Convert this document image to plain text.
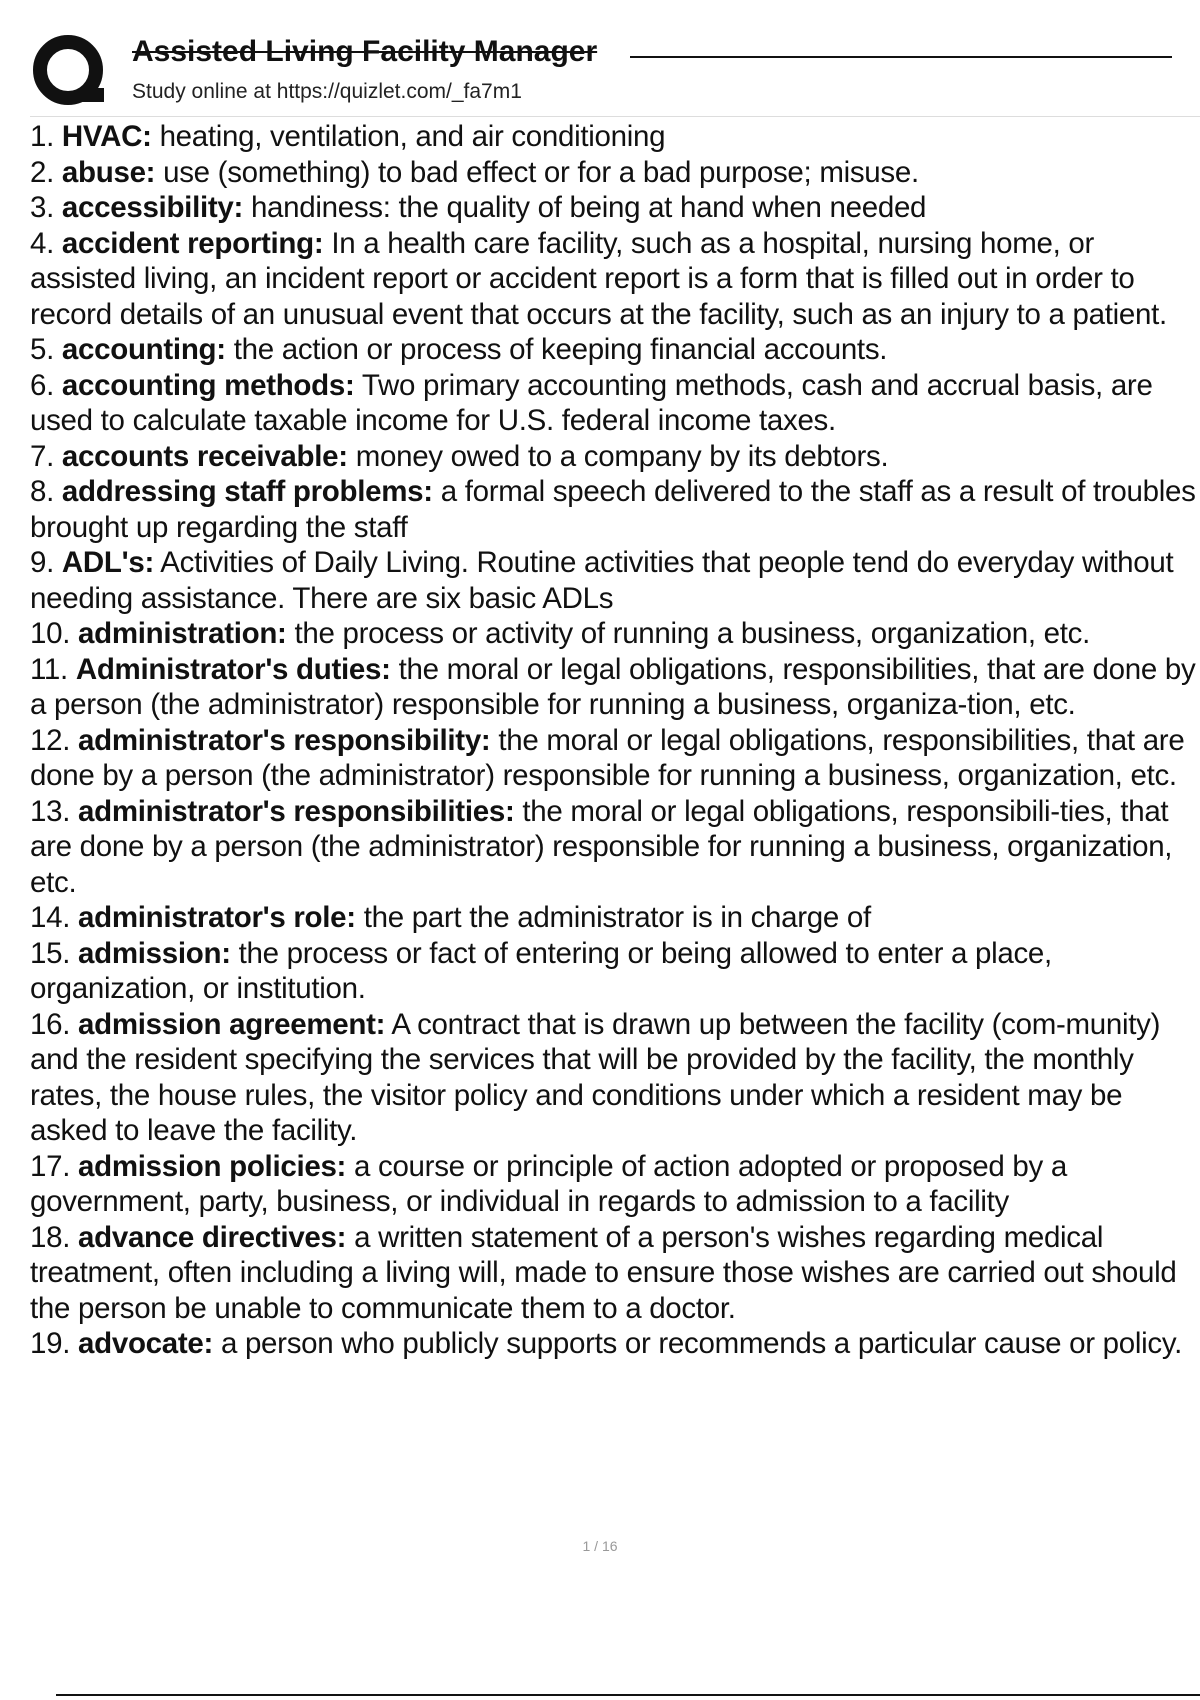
Assisted Living Facility Manager
Study online at https://quizlet.com/_fa7m1
1. HVAC: heating, ventilation, and air conditioning
2. abuse: use (something) to bad effect or for a bad purpose; misuse.
3. accessibility: handiness: the quality of being at hand when needed
4. accident reporting: In a health care facility, such as a hospital, nursing home, or assisted living, an incident report or accident report is a form that is filled out in order to record details of an unusual event that occurs at the facility, such as an injury to a patient.
5. accounting: the action or process of keeping financial accounts.
6. accounting methods: Two primary accounting methods, cash and accrual basis, are used to calculate taxable income for U.S. federal income taxes.
7. accounts receivable: money owed to a company by its debtors.
8. addressing staff problems: a formal speech delivered to the staff as a result of troubles brought up regarding the staff
9. ADL's: Activities of Daily Living. Routine activities that people tend do everyday without needing assistance. There are six basic ADLs
10. administration: the process or activity of running a business, organization, etc.
11. Administrator's duties: the moral or legal obligations, responsibilities, that are done by a person (the administrator) responsible for running a business, organiza-tion, etc.
12. administrator's responsibility: the moral or legal obligations, responsibilities, that are done by a person (the administrator) responsible for running a business, organization, etc.
13. administrator's responsibilities: the moral or legal obligations, responsibili-ties, that are done by a person (the administrator) responsible for running a business, organization, etc.
14. administrator's role: the part the administrator is in charge of
15. admission: the process or fact of entering or being allowed to enter a place, organization, or institution.
16. admission agreement: A contract that is drawn up between the facility (com-munity) and the resident specifying the services that will be provided by the facility, the monthly rates, the house rules, the visitor policy and conditions under which a resident may be asked to leave the facility.
17. admission policies: a course or principle of action adopted or proposed by a government, party, business, or individual in regards to admission to a facility
18. advance directives: a written statement of a person's wishes regarding medical treatment, often including a living will, made to ensure those wishes are carried out should the person be unable to communicate them to a doctor.
19. advocate: a person who publicly supports or recommends a particular cause or policy.
1 / 16
